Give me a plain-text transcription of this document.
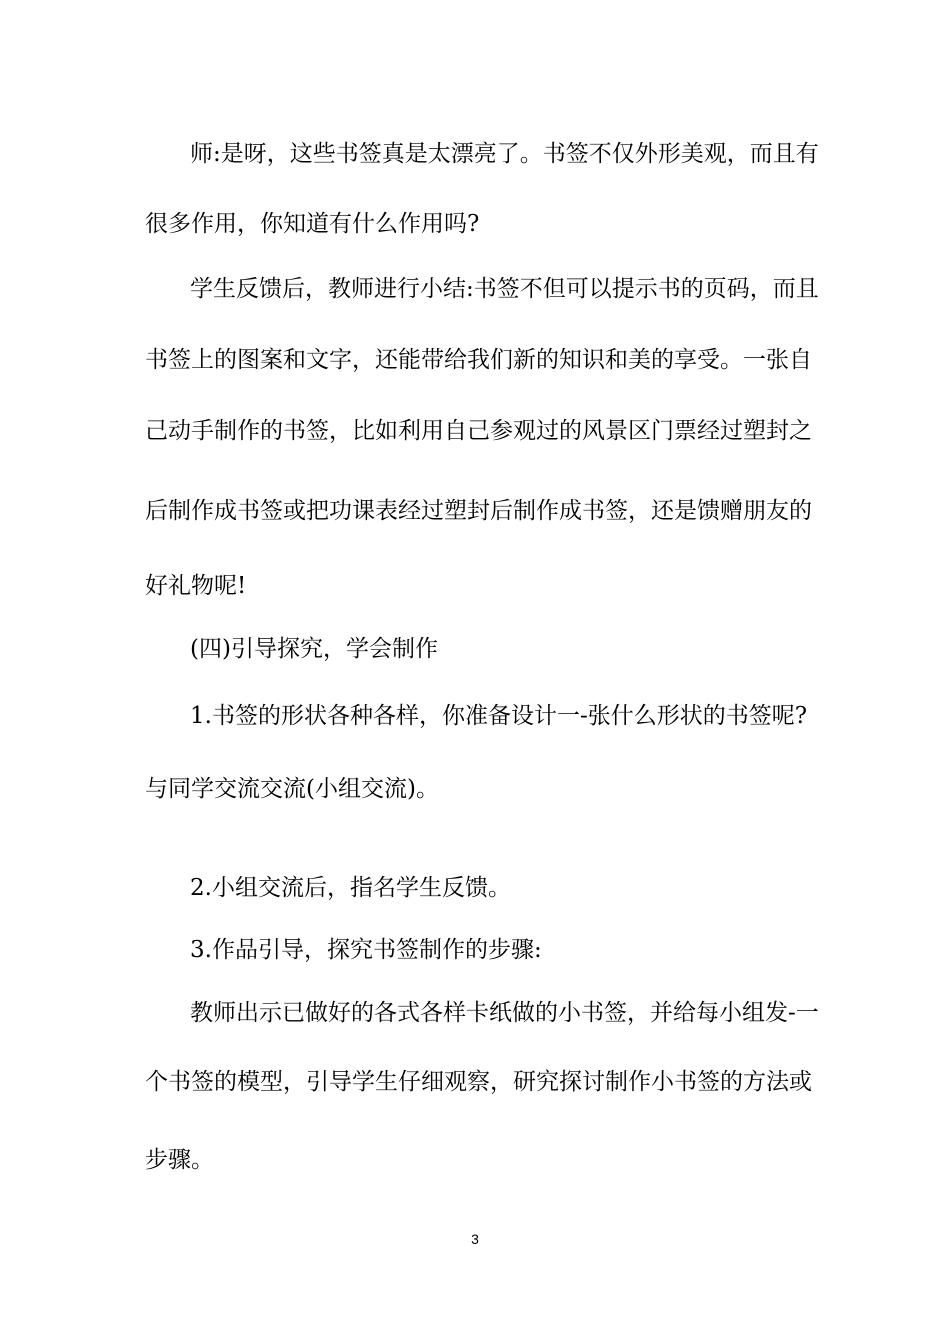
师:是呀，这些书签真是太漂亮了。书签不仅外形美观，而且有
很多作用，你知道有什么作用吗?
学生反馈后，教师进行小结:书签不但可以提示书的页码，而且
书签上的图案和文字，还能带给我们新的知识和美的享受。一张自
己动手制作的书签，比如利用自己参观过的风景区门票经过塑封之
后制作成书签或把功课表经过塑封后制作成书签，还是馈赠朋友的
好礼物呢!
(四)引导探究，学会制作
1.书签的形状各种各样，你准备设计一-张什么形状的书签呢?
与同学交流交流(小组交流)。
2.小组交流后，指名学生反馈。
3.作品引导，探究书签制作的步骤:
教师出示已做好的各式各样卡纸做的小书签，并给每小组发-一
个书签的模型，引导学生仔细观察，研究探讨制作小书签的方法或
步骤。
3
